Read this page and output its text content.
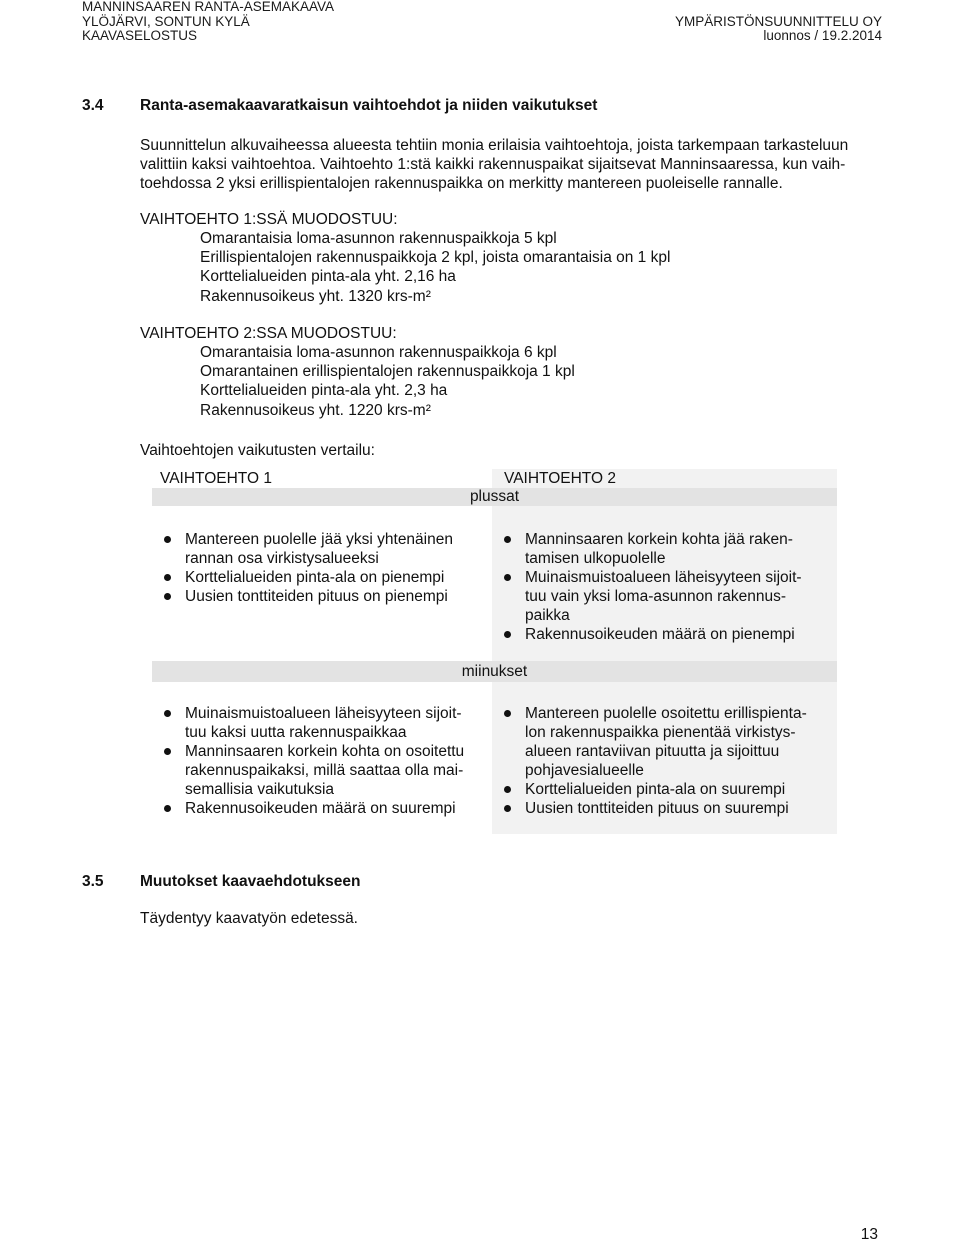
MANNINSAAREN RANTA-ASEMAKAAVA
YLÖJÄRVI, SONTUN KYLÄ
KAAVASELOSTUS
YMPÄRISTÖNSUUNNITTELU OY
luonnos / 19.2.2014
3.4 Ranta-asemakaavaratkaisun vaihtoehdot ja niiden vaikutukset
Suunnittelun alkuvaiheessa alueesta tehtiin monia erilaisia vaihtoehtoja, joista tarkempaan tarkasteluun
valittiin kaksi vaihtoehtoa. Vaihtoehto 1:stä kaikki rakennuspaikat sijaitsevat Manninsaaressa, kun vaih-
toehdossa 2 yksi erillispientalojen rakennuspaikka on merkitty mantereen puoleiselle rannalle.
VAIHTOEHTO 1:SSÄ MUODOSTUU:
Omarantaisia loma-asunnon rakennuspaikkoja 5 kpl
Erillispientalojen rakennuspaikkoja 2 kpl, joista omarantaisia on 1 kpl
Korttelialueiden pinta-ala yht. 2,16 ha
Rakennusoikeus yht. 1320 krs-m²
VAIHTOEHTO 2:SSA MUODOSTUU:
Omarantaisia loma-asunnon rakennuspaikkoja 6 kpl
Omarantainen erillispientalojen rakennuspaikkoja 1 kpl
Korttelialueiden pinta-ala yht. 2,3 ha
Rakennusoikeus yht. 1220 krs-m²
Vaihtoehtojen vaikutusten vertailu:
VAIHTOEHTO 1	VAIHTOEHTO 2
plussat
Mantereen puolelle jää yksi yhtenäinen
rannan osa virkistysalueeksi
Korttelialueiden pinta-ala on pienempi
Uusien tonttiteiden pituus on pienempi
Manninsaaren korkein kohta jää raken-
tamisen ulkopuolelle
Muinaismuistoalueen läheisyyteen sijoit-
tuu vain yksi loma-asunnon rakennus-
paikka
Rakennusoikeuden määrä on pienempi
miinukset
Muinaismuistoalueen läheisyyteen sijoit-
tuu kaksi uutta rakennuspaikkaa
Manninsaaren korkein kohta on osoitettu
rakennuspaikaksi, millä saattaa olla mai-
semallisia vaikutuksia
Rakennusoikeuden määrä on suurempi
Mantereen puolelle osoitettu erillispienta-
lon rakennuspaikka pienentää virkistys-
alueen rantaviivan pituutta ja sijoittuu
pohjavesialueelle
Korttelialueiden pinta-ala on suurempi
Uusien tonttiteiden pituus on suurempi
3.5 Muutokset kaavaehdotukseen
Täydentyy kaavatyön edetessä.
13
